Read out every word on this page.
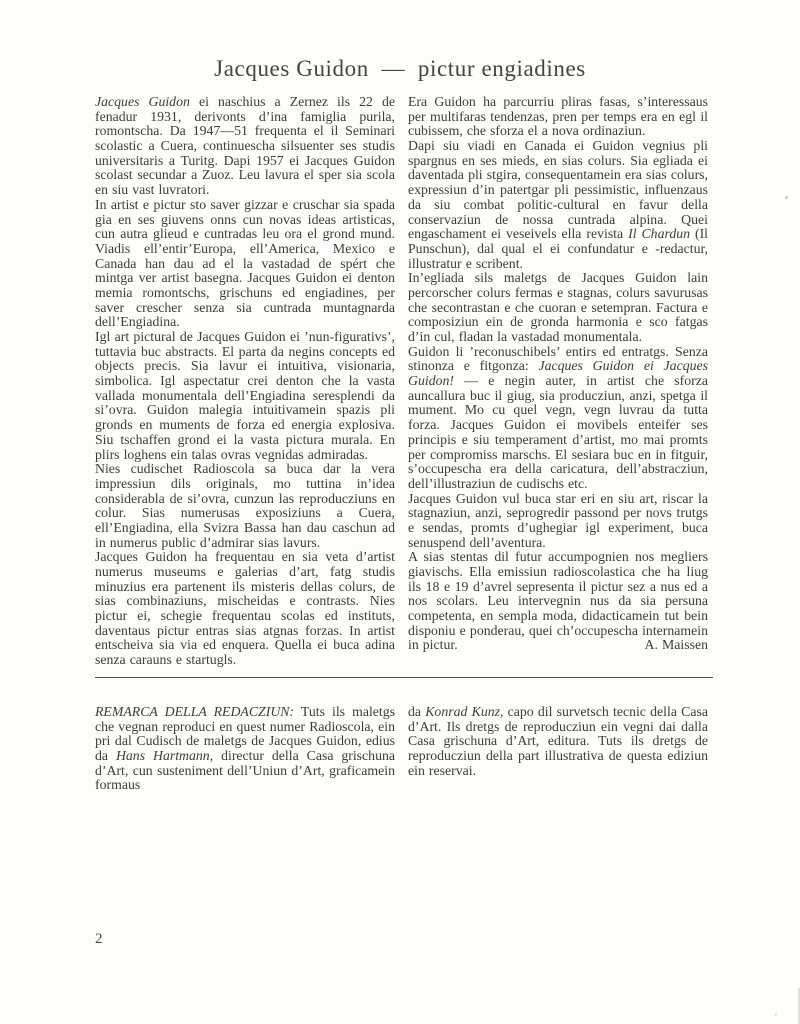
Jacques Guidon  —  pictur engiadines

Jacques Guidon ei naschius a Zernez ils 22 de fenadur 1931, derivonts d’ina famiglia purila, romontscha. Da 1947—51 frequenta el il Seminari scolastic a Cuera, continuescha silsuenter ses studis universitaris a Turitg. Dapi 1957 ei Jacques Guidon scolast secundar a Zuoz. Leu lavura el sper sia scola en siu vast luvratori.

In artist e pictur sto saver gizzar e cruschar sia spada gia en ses giuvens onns cun novas ideas artisticas, cun autra glieud e cuntradas leu ora el grond mund. Viadis ell’entir’Europa, ell’America, Mexico e Canada han dau ad el la vastadad de spért che mintga ver artist basegna. Jacques Guidon ei denton memia romontschs, grischuns ed engiadines, per saver crescher senza sia cuntrada muntagnarda dell’Engiadina.

Igl art pictural de Jacques Guidon ei ’nun-figurativs’, tuttavia buc abstracts. El parta da negins concepts ed objects precis. Sia lavur ei intuitiva, visionaria, simbolica. Igl aspectatur crei denton che la vasta vallada monumentala dell’Engiadina seresplendi da si’ovra. Guidon malegia intuitivamein spazis pli gronds en muments de forza ed energia explosiva. Siu tschaffen grond ei la vasta pictura murala. En plirs loghens ein talas ovras vegnidas admiradas.

Nies cudischet Radioscola sa buca dar la vera impressiun dils originals, mo tuttina in’idea considerabla de si’ovra, cunzun las reproducziuns en colur. Sias numerusas exposiziuns a Cuera, ell’Engiadina, ella Svizra Bassa han dau caschun ad in numerus public d’admirar sias lavurs.

Jacques Guidon ha frequentau en sia veta d’artist numerus museums e galerias d’art, fatg studis minuzius era partenent ils misteris dellas colurs, de sias combinaziuns, mischeidas e contrasts. Nies pictur ei, schegie frequentau scolas ed instituts, daventaus pictur entras sias atgnas forzas. In artist entscheiva sia via ed enquera. Quella ei buca adina senza carauns e startugls.

Era Guidon ha parcurriu pliras fasas, s’interessaus per multifaras tendenzas, pren per temps era en egl il cubissem, che sforza el a nova ordinaziun.

Dapi siu viadi en Canada ei Guidon vegnius pli spargnus en ses mieds, en sias colurs. Sia egliada ei daventada pli stgira, consequentamein era sias colurs, expressiun d’in patertgar pli pessimistic, influenzaus da siu combat politic-cultural en favur della conservaziun de nossa cuntrada alpina. Quei engaschament ei veseivels ella revista Il Chardun (Il Punschun), dal qual el ei confundatur e -redactur, illustratur e scribent.

In’egliada sils maletgs de Jacques Guidon lain percorscher colurs fermas e stagnas, colurs savurusas che secontrastan e che cuoran e setempran. Factura e composiziun ein de gronda harmonia e sco fatgas d’in cul, fladan la vastadad monumentala.

Guidon li ’reconuschibels’ entirs ed entratgs. Senza stinonza e fitgonza: Jacques Guidon ei Jacques Guidon! — e negin auter, in artist che sforza auncallura buc il giug, sia producziun, anzi, spetga il mument. Mo cu quel vegn, vegn luvrau da tutta forza. Jacques Guidon ei movibels enteifer ses principis e siu temperament d’artist, mo mai promts per compromiss marschs. El sesiara buc en in fitguir, s’occupescha era della caricatura, dell’abstracziun, dell’illustraziun de cudischs etc.

Jacques Guidon vul buca star eri en siu art, riscar la stagnaziun, anzi, seprogredir passond per novs trutgs e sendas, promts d’ughegiar igl experiment, buca senuspend dell’aventura.

A sias stentas dil futur accumpognien nos megliers giavischs. Ella emissiun radioscolastica che ha liug ils 18 e 19 d’avrel sepresenta il pictur sez a nus ed a nos scolars. Leu intervegnin nus da sia persuna competenta, en sempla moda, didacticamein tut bein disponiu e ponderau, quei ch’occupescha internamein in pictur.	A. Maissen

REMARCA DELLA REDACZIUN: Tuts ils maletgs che vegnan reproduci en quest numer Radioscola, ein pri dal Cudisch de maletgs de Jacques Guidon, edius da Hans Hartmann, directur della Casa grischuna d’Art, cun susteniment dell’Uniun d’Art, graficamein formaus

da Konrad Kunz, capo dil survetsch tecnic della Casa d’Art. Ils dretgs de reproducziun ein vegni dai dalla Casa grischuna d’Art, editura. Tuts ils dretgs de reproducziun della part illustrativa de questa ediziun ein reservai.

2
